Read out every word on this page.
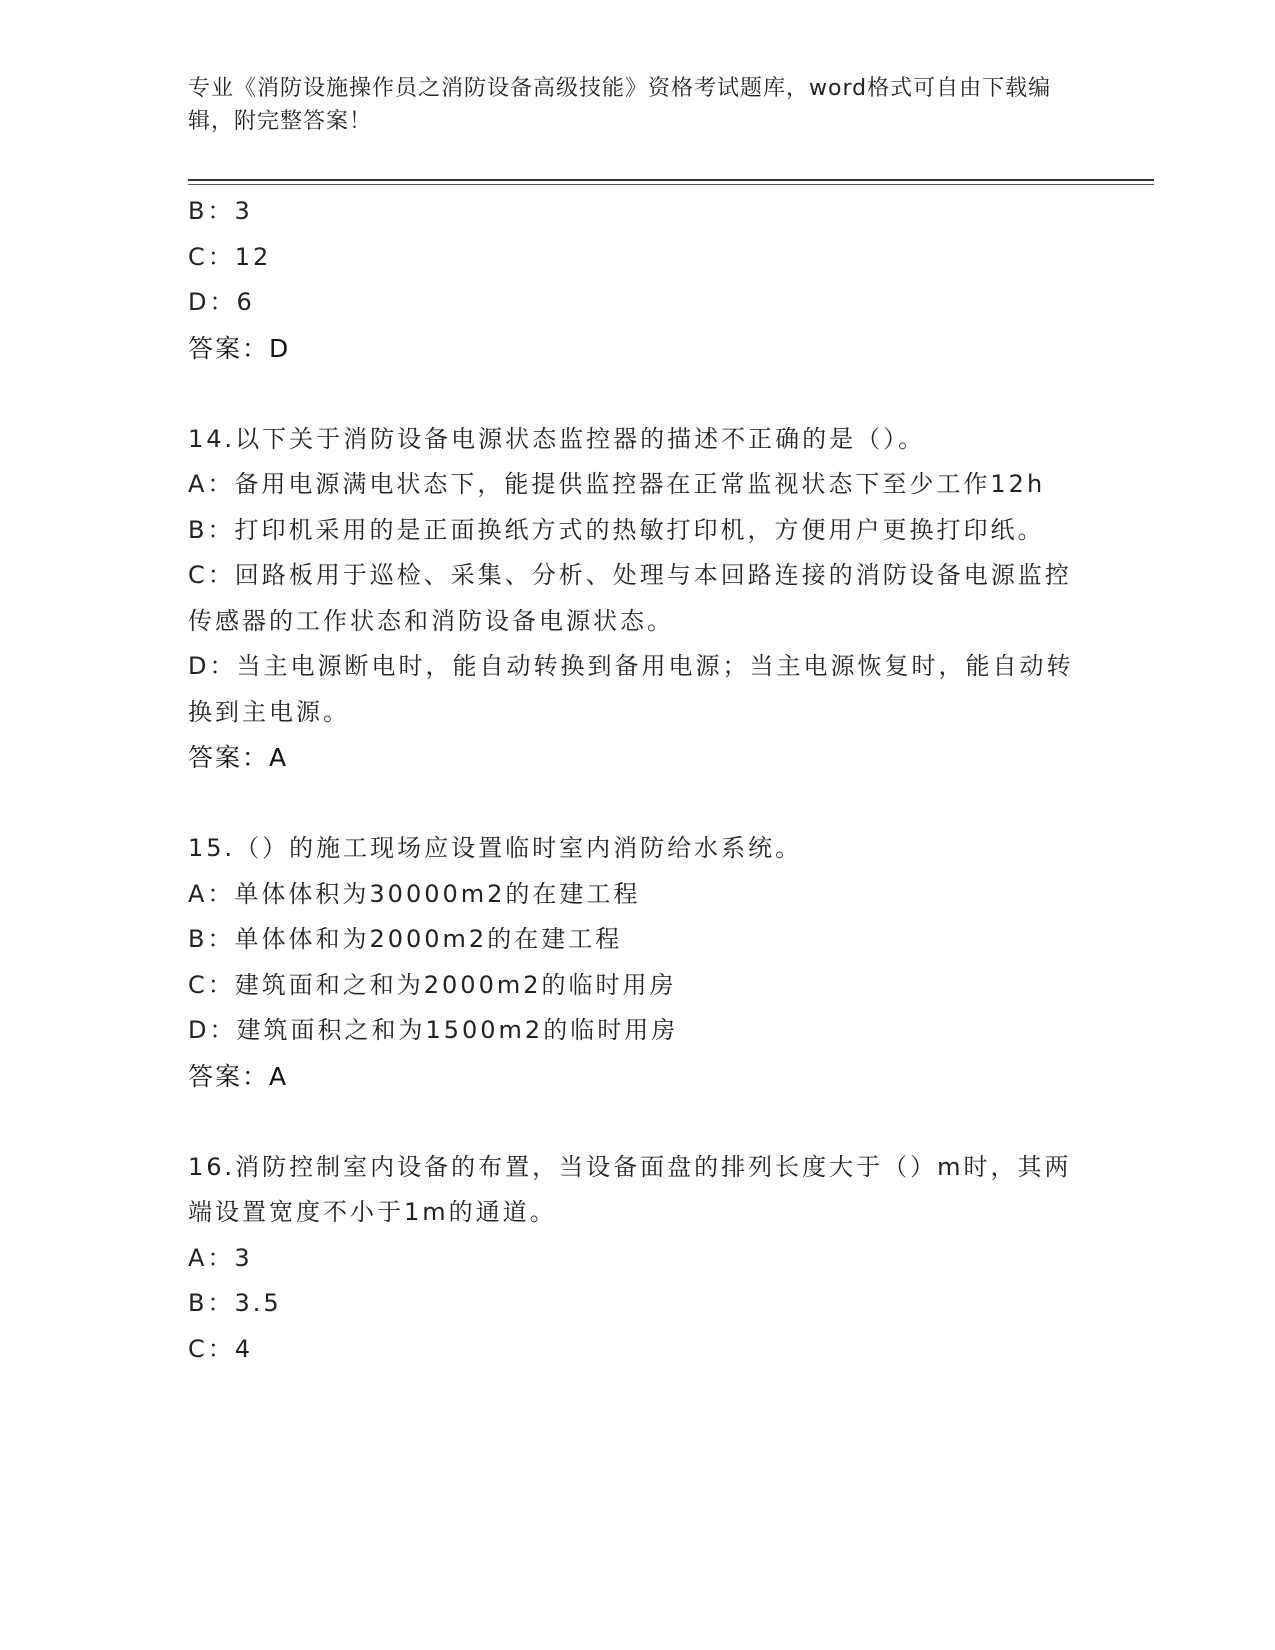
专业《消防设施操作员之消防设备高级技能》资格考试题库，word格式可自由下载编辑，附完整答案！

B：3

C：12

D：6

答案：D

14.以下关于消防设备电源状态监控器的描述不正确的是（）。

A：备用电源满电状态下，能提供监控器在正常监视状态下至少工作12h

B：打印机采用的是正面换纸方式的热敏打印机，方便用户更换打印纸。

C：回路板用于巡检、采集、分析、处理与本回路连接的消防设备电源监控传感器的工作状态和消防设备电源状态。

D：当主电源断电时，能自动转换到备用电源；当主电源恢复时，能自动转换到主电源。

答案：A

15.（）的施工现场应设置临时室内消防给水系统。

A：单体体积为30000m2的在建工程

B：单体体和为2000m2的在建工程

C：建筑面和之和为2000m2的临时用房

D：建筑面积之和为1500m2的临时用房

答案：A

16.消防控制室内设备的布置，当设备面盘的排列长度大于（）m时，其两端设置宽度不小于1m的通道。

A：3

B：3.5

C：4
